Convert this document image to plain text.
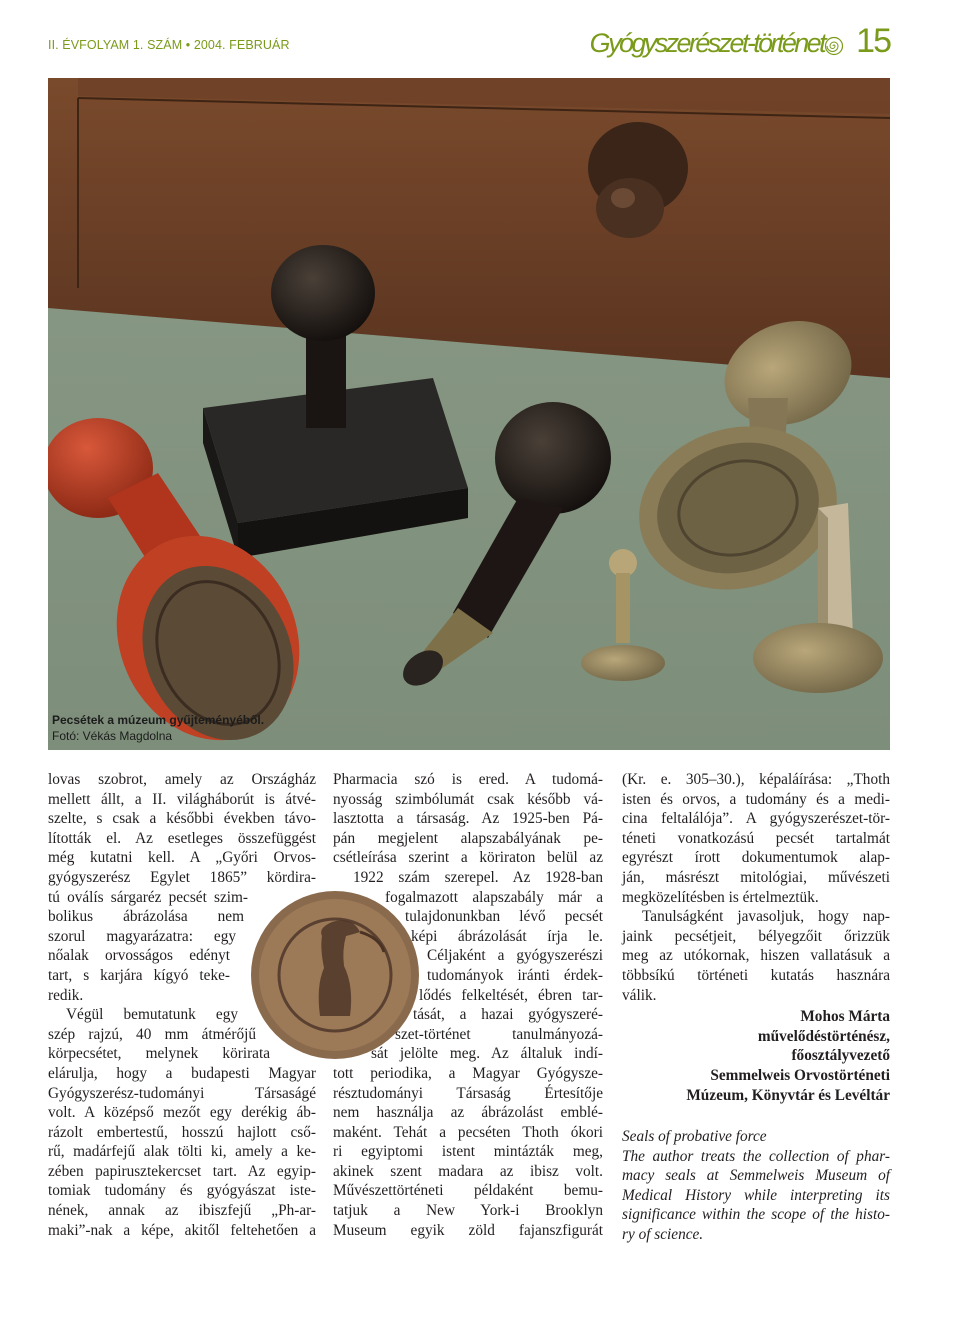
II. ÉVFOLYAM 1. SZÁM • 2004. FEBRUÁR	Gyógyszerészet-történet 15
Pecsétek a múzeum gyűjteményéből.
Fotó: Vékás Magdolna
lovas szobrot, amely az Országház
mellett állt, a II. világháborút is átvé-
szelte, s csak a későbbi években távo-
lították el. Az esetleges összefüggést
még kutatni kell. A „Győri Orvos-
gyógyszerész Egylet 1865” kördira-
tú oválís sárgaréz pecsét szim-
bolikus ábrázolása nem
szorul magyarázatra: egy
nőalak orvosságos edényt
tart, s karjára kígyó teke-
redik.
Végül bemutatunk egy
szép rajzú, 40 mm átmérőjű
körpecsétet, melynek körirata
elárulja, hogy a budapesti Magyar
Gyógyszerész-tudományi Társaságé
volt. A középső mezőt egy derékig áb-
rázolt embertestű, hosszú hajlott cső-
rű, madárfejű alak tölti ki, amely a ke-
zében papirusztekercset tart. Az egyip-
tomiak tudomány és gyógyászat iste-
nének, annak az ibiszfejű „Ph-ar-
maki”-nak a képe, akitől feltehetően a
Pharmacia szó is ered. A tudomá-
nyosság szimbólumát csak később vá-
lasztotta a társaság. Az 1925-ben Pá-
pán megjelent alapszabályának pe-
csétleírása szerint a köriraton belül az
1922 szám szerepel. Az 1928-ban
fogalmazott alapszabály már a
tulajdonunkban lévő pecsét
képi ábrázolását írja le.
Céljaként a gyógyszerészi
tudományok iránti érdek-
lődés felkeltését, ébren tar-
tását, a hazai gyógyszeré-
szet-történet tanulmányozá-
sát jelölte meg. Az általuk indí-
tott periodika, a Magyar Gyógysze-
résztudományi Társaság Értesítője
nem használja az ábrázolást emblé-
maként. Tehát a pecséten Thoth ókori
ri egyiptomi istent mintázták meg,
akinek szent madara az ibisz volt.
Művészettörténeti példaként bemu-
tatjuk a New York-i Brooklyn
Museum egyik zöld fajanszfigurát
(Kr. e. 305–30.), képaláírása: „Thoth
isten és orvos, a tudomány és a medi-
cina feltalálója”. A gyógyszerészet-tör-
téneti vonatkozású pecsét tartalmát
egyrészt írott dokumentumok alap-
ján, másrészt mitológiai, művészeti
megközelítésben is értelmeztük.
Tanulságként javasoljuk, hogy nap-
jaink pecsétjeit, bélyegzőit őrizzük
meg az utókornak, hiszen vallatásuk a
többsíkú történeti kutatás hasznára
válik.
Mohos Márta
művelődéstörténész,
főosztályvezető
Semmelweis Orvostörténeti
Múzeum, Könyvtár és Levéltár
Seals of probative force
The author treats the collection of phar-
macy seals at Semmelweis Museum of
Medical History while interpreting its
significance within the scope of the histo-
ry of science.
